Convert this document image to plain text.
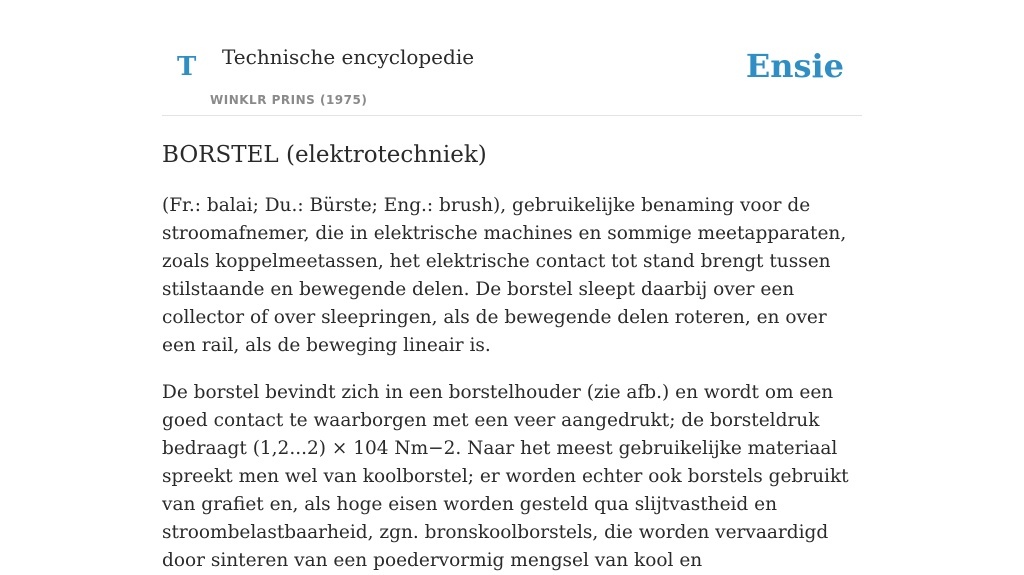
T Technische encyclopedie
WINKLR PRINS (1975)
Ensie
BORSTEL (elektrotechniek)

(Fr.: balai; Du.: Bürste; Eng.: brush), gebruikelijke benaming voor de stroomafnemer, die in elektrische machines en sommige meetapparaten, zoals koppelmeetassen, het elektrische contact tot stand brengt tussen stilstaande en bewegende delen. De borstel sleept daarbij over een collector of over sleepringen, als de bewegende delen roteren, en over een rail, als de beweging lineair is.

De borstel bevindt zich in een borstelhouder (zie afb.) en wordt om een goed contact te waarborgen met een veer aangedrukt; de borsteldruk bedraagt (1,2...2) × 104 Nm−2. Naar het meest gebruikelijke materiaal spreekt men wel van koolborstel; er worden echter ook borstels gebruikt van grafiet en, als hoge eisen worden gesteld qua slijtvastheid en stroombelastbaarheid, zgn. bronskoolborstels, die worden vervaardigd door sinteren van een poedervormig mengsel van kool en
